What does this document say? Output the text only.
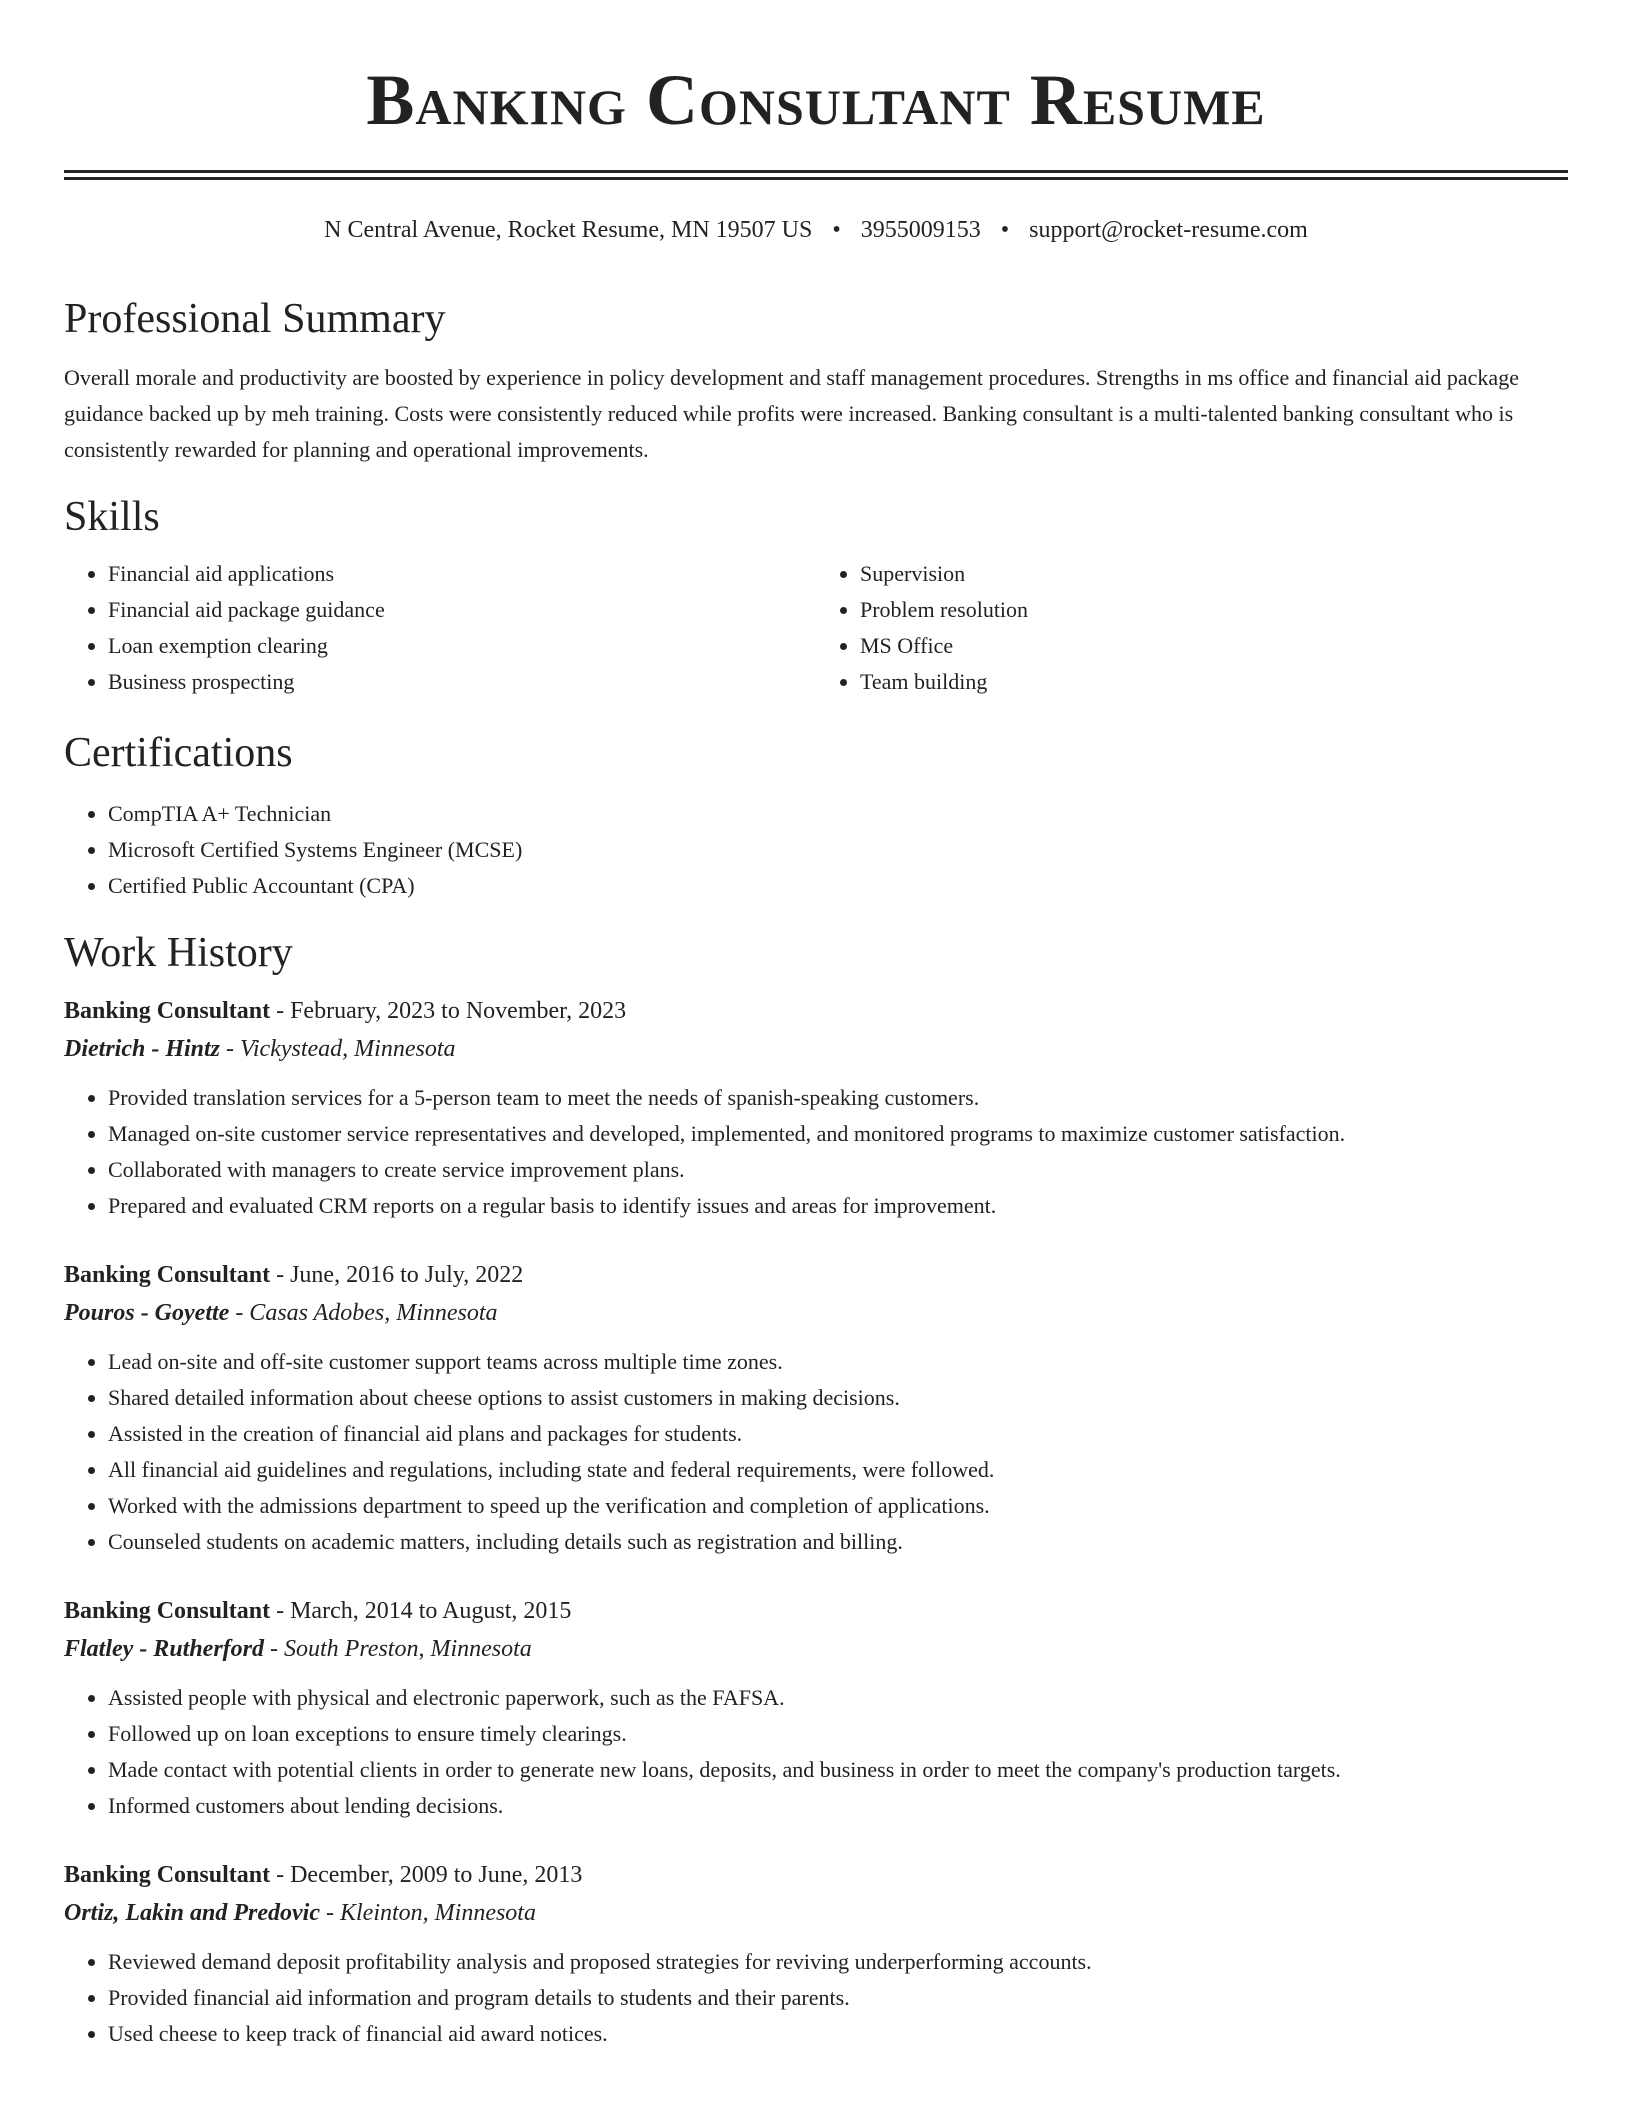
Banking Consultant Resume
N Central Avenue, Rocket Resume, MN 19507 US • 3955009153 • support@rocket-resume.com
Professional Summary
Overall morale and productivity are boosted by experience in policy development and staff management procedures. Strengths in ms office and financial aid package guidance backed up by meh training. Costs were consistently reduced while profits were increased. Banking consultant is a multi-talented banking consultant who is consistently rewarded for planning and operational improvements.
Skills
• Financial aid applications
• Financial aid package guidance
• Loan exemption clearing
• Business prospecting
• Supervision
• Problem resolution
• MS Office
• Team building
Certifications
• CompTIA A+ Technician
• Microsoft Certified Systems Engineer (MCSE)
• Certified Public Accountant (CPA)
Work History
Banking Consultant - February, 2023 to November, 2023
Dietrich - Hintz - Vickystead, Minnesota
• Provided translation services for a 5-person team to meet the needs of spanish-speaking customers.
• Managed on-site customer service representatives and developed, implemented, and monitored programs to maximize customer satisfaction.
• Collaborated with managers to create service improvement plans.
• Prepared and evaluated CRM reports on a regular basis to identify issues and areas for improvement.
Banking Consultant - June, 2016 to July, 2022
Pouros - Goyette - Casas Adobes, Minnesota
• Lead on-site and off-site customer support teams across multiple time zones.
• Shared detailed information about cheese options to assist customers in making decisions.
• Assisted in the creation of financial aid plans and packages for students.
• All financial aid guidelines and regulations, including state and federal requirements, were followed.
• Worked with the admissions department to speed up the verification and completion of applications.
• Counseled students on academic matters, including details such as registration and billing.
Banking Consultant - March, 2014 to August, 2015
Flatley - Rutherford - South Preston, Minnesota
• Assisted people with physical and electronic paperwork, such as the FAFSA.
• Followed up on loan exceptions to ensure timely clearings.
• Made contact with potential clients in order to generate new loans, deposits, and business in order to meet the company's production targets.
• Informed customers about lending decisions.
Banking Consultant - December, 2009 to June, 2013
Ortiz, Lakin and Predovic - Kleinton, Minnesota
• Reviewed demand deposit profitability analysis and proposed strategies for reviving underperforming accounts.
• Provided financial aid information and program details to students and their parents.
• Used cheese to keep track of financial aid award notices.
